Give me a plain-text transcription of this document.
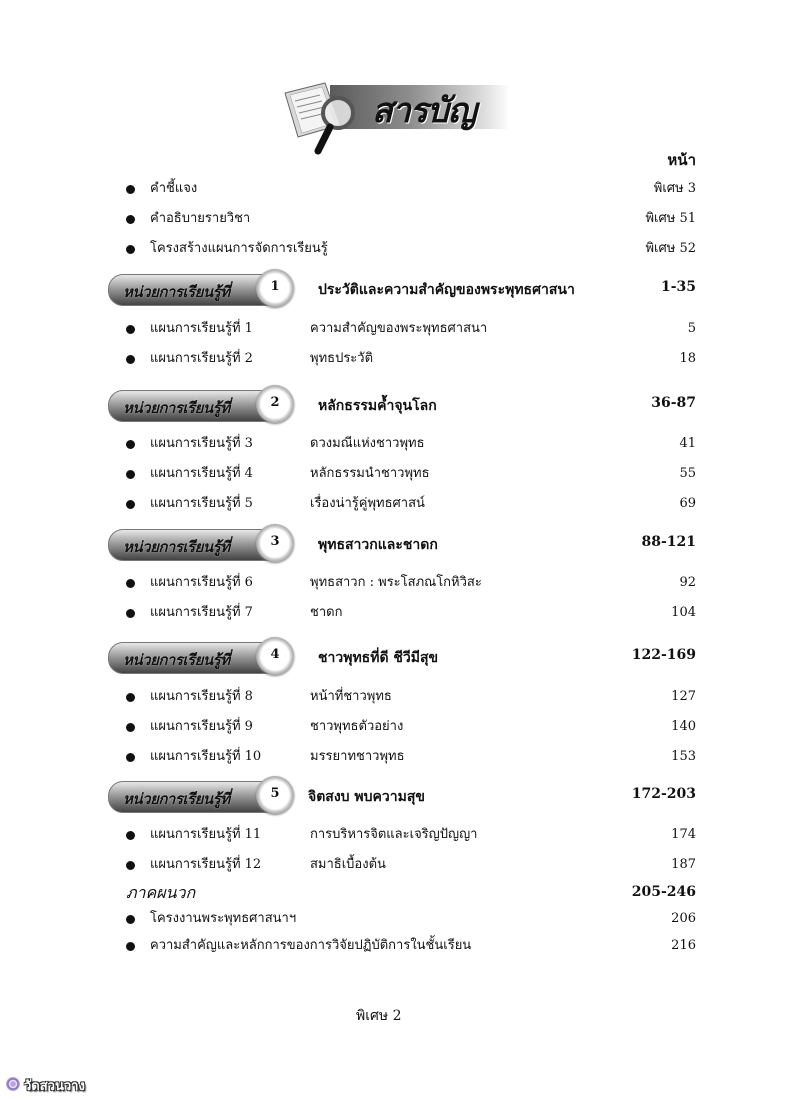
สารบัญ
หน้า
คำชี้แจง	พิเศษ 3
คำอธิบายรายวิชา	พิเศษ 51
โครงสร้างแผนการจัดการเรียนรู้	พิเศษ 52
หน่วยการเรียนรู้ที่	1	ประวัติและความสำคัญของพระพุทธศาสนา	1-35
แผนการเรียนรู้ที่ 1	ความสำคัญของพระพุทธศาสนา	5
แผนการเรียนรู้ที่ 2	พุทธประวัติ	18
หน่วยการเรียนรู้ที่	2	หลักธรรมค้ำจุนโลก	36-87
แผนการเรียนรู้ที่ 3	ดวงมณีแห่งชาวพุทธ	41
แผนการเรียนรู้ที่ 4	หลักธรรมนำชาวพุทธ	55
แผนการเรียนรู้ที่ 5	เรื่องน่ารู้คู่พุทธศาสน์	69
หน่วยการเรียนรู้ที่	3	พุทธสาวกและชาดก	88-121
แผนการเรียนรู้ที่ 6	พุทธสาวก : พระโสภณโกหิวิสะ	92
แผนการเรียนรู้ที่ 7	ชาดก	104
หน่วยการเรียนรู้ที่	4	ชาวพุทธที่ดี ชีวีมีสุข	122-169
แผนการเรียนรู้ที่ 8	หน้าที่ชาวพุทธ	127
แผนการเรียนรู้ที่ 9	ชาวพุทธตัวอย่าง	140
แผนการเรียนรู้ที่ 10	มรรยาทชาวพุทธ	153
หน่วยการเรียนรู้ที่	5	จิตสงบ พบความสุข	172-203
แผนการเรียนรู้ที่ 11	การบริหารจิตและเจริญปัญญา	174
แผนการเรียนรู้ที่ 12	สมาธิเบื้องต้น	187
ภาคผนวก	205-246
โครงงานพระพุทธศาสนาฯ	206
ความสำคัญและหลักการของการวิจัยปฏิบัติการในชั้นเรียน	216
พิเศษ 2
วัดสวนวาง
